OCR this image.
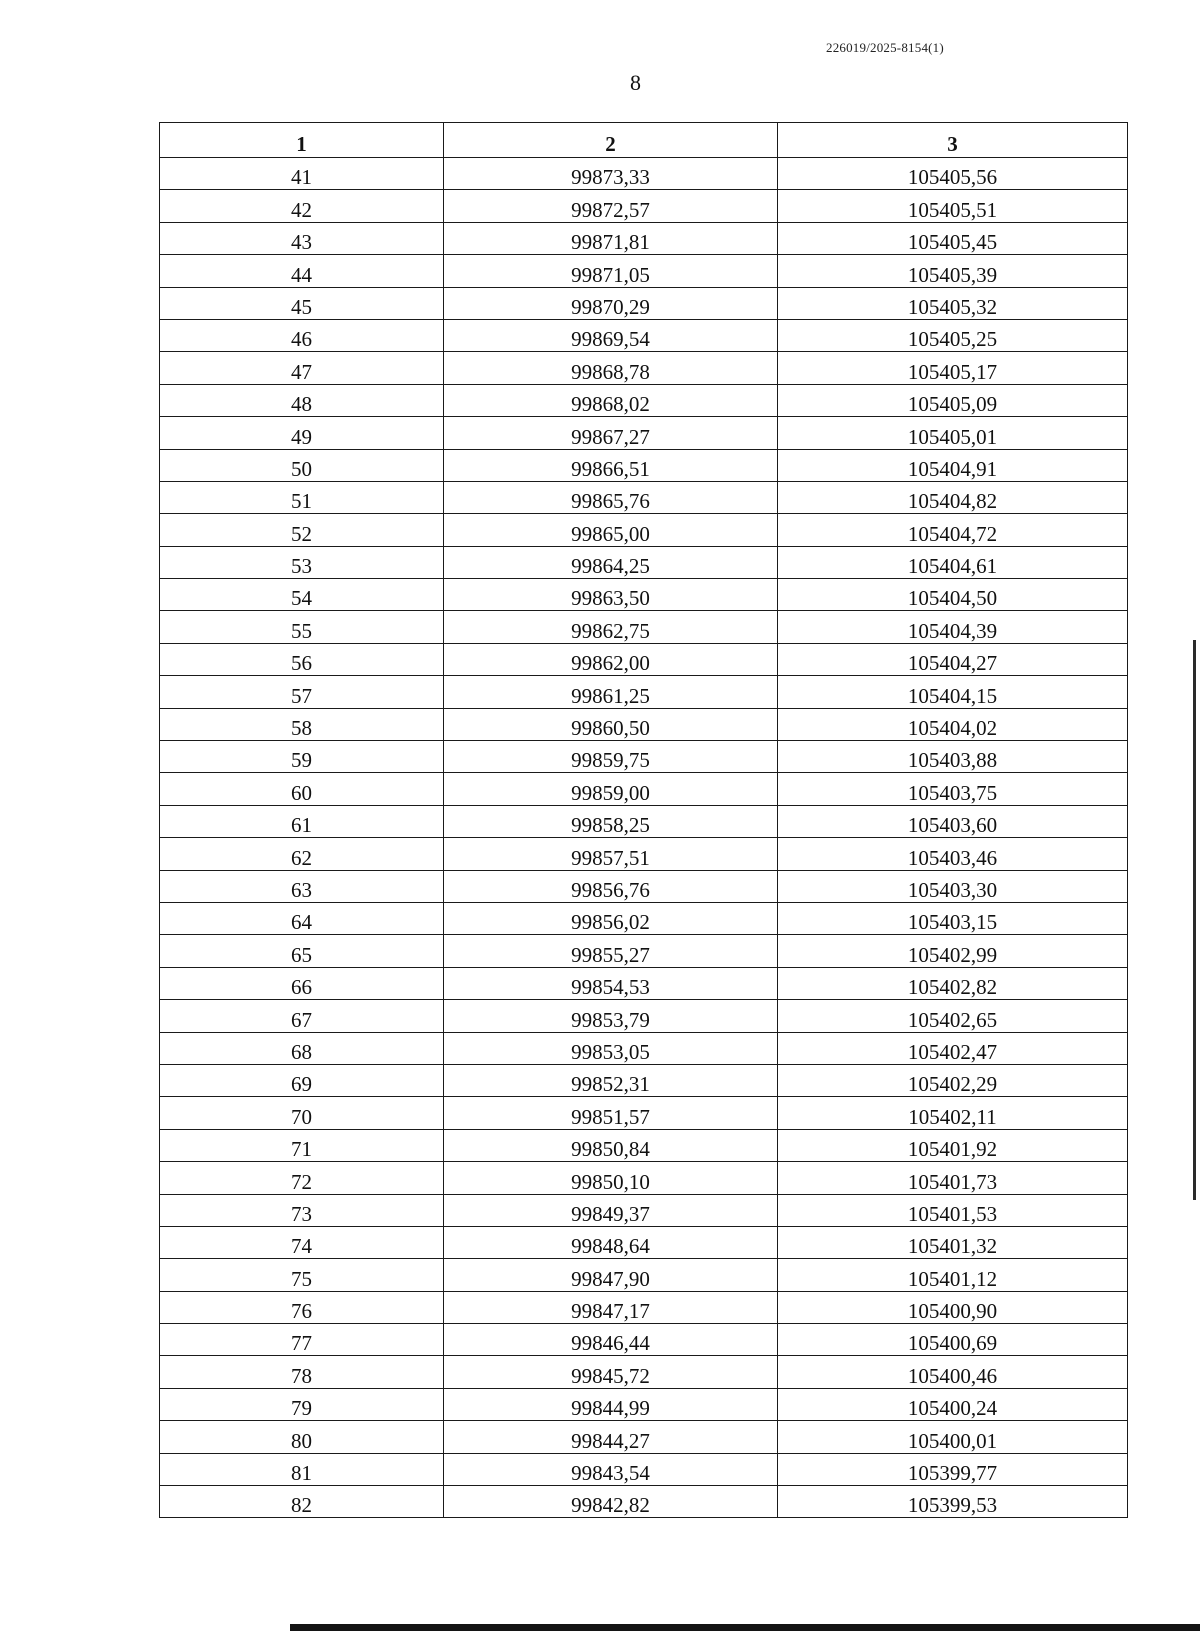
226019/2025-8154(1)
8
1	2	3
41	99873,33	105405,56
42	99872,57	105405,51
43	99871,81	105405,45
44	99871,05	105405,39
45	99870,29	105405,32
46	99869,54	105405,25
47	99868,78	105405,17
48	99868,02	105405,09
49	99867,27	105405,01
50	99866,51	105404,91
51	99865,76	105404,82
52	99865,00	105404,72
53	99864,25	105404,61
54	99863,50	105404,50
55	99862,75	105404,39
56	99862,00	105404,27
57	99861,25	105404,15
58	99860,50	105404,02
59	99859,75	105403,88
60	99859,00	105403,75
61	99858,25	105403,60
62	99857,51	105403,46
63	99856,76	105403,30
64	99856,02	105403,15
65	99855,27	105402,99
66	99854,53	105402,82
67	99853,79	105402,65
68	99853,05	105402,47
69	99852,31	105402,29
70	99851,57	105402,11
71	99850,84	105401,92
72	99850,10	105401,73
73	99849,37	105401,53
74	99848,64	105401,32
75	99847,90	105401,12
76	99847,17	105400,90
77	99846,44	105400,69
78	99845,72	105400,46
79	99844,99	105400,24
80	99844,27	105400,01
81	99843,54	105399,77
82	99842,82	105399,53
